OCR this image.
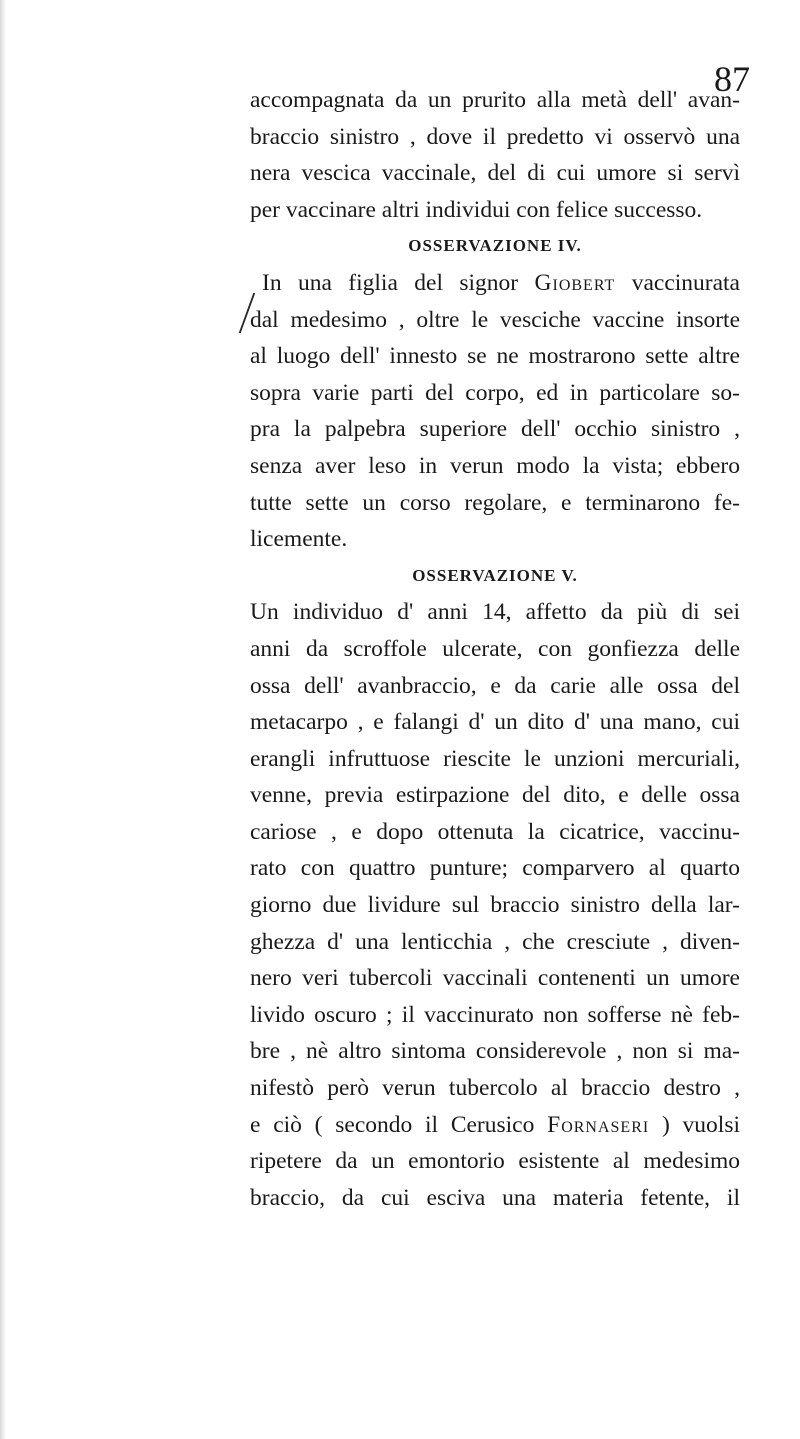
87
accompagnata da un prurito alla metà dell' avan-
braccio sinistro , dove il predetto vi osservò una
nera vescica vaccinale, del di cui umore si servì
per vaccinare altri individui con felice successo.
OSSERVAZIONE IV.
In una figlia del signor Giobert vaccinurata
dal medesimo , oltre le vesciche vaccine insorte
al luogo dell' innesto se ne mostrarono sette altre
sopra varie parti del corpo, ed in particolare so-
pra la palpebra superiore dell' occhio sinistro ,
senza aver leso in verun modo la vista; ebbero
tutte sette un corso regolare, e terminarono fe-
licemente.
OSSERVAZIONE V.
Un individuo d' anni 14, affetto da più di sei
anni da scroffole ulcerate, con gonfiezza delle
ossa dell' avanbraccio, e da carie alle ossa del
metacarpo , e falangi d' un dito d' una mano, cui
erangli infruttuose riescite le unzioni mercuriali,
venne, previa estirpazione del dito, e delle ossa
cariose , e dopo ottenuta la cicatrice, vaccinu-
rato con quattro punture; comparvero al quarto
giorno due lividure sul braccio sinistro della lar-
ghezza d' una lenticchia , che cresciute , diven-
nero veri tubercoli vaccinali contenenti un umore
livido oscuro ; il vaccinurato non sofferse nè feb-
bre , nè altro sintoma considerevole , non si ma-
nifestò però verun tubercolo al braccio destro ,
e ciò ( secondo il Cerusico Fornaseri ) vuolsi
ripetere da un emontorio esistente al medesimo
braccio, da cui esciva una materia fetente, il
